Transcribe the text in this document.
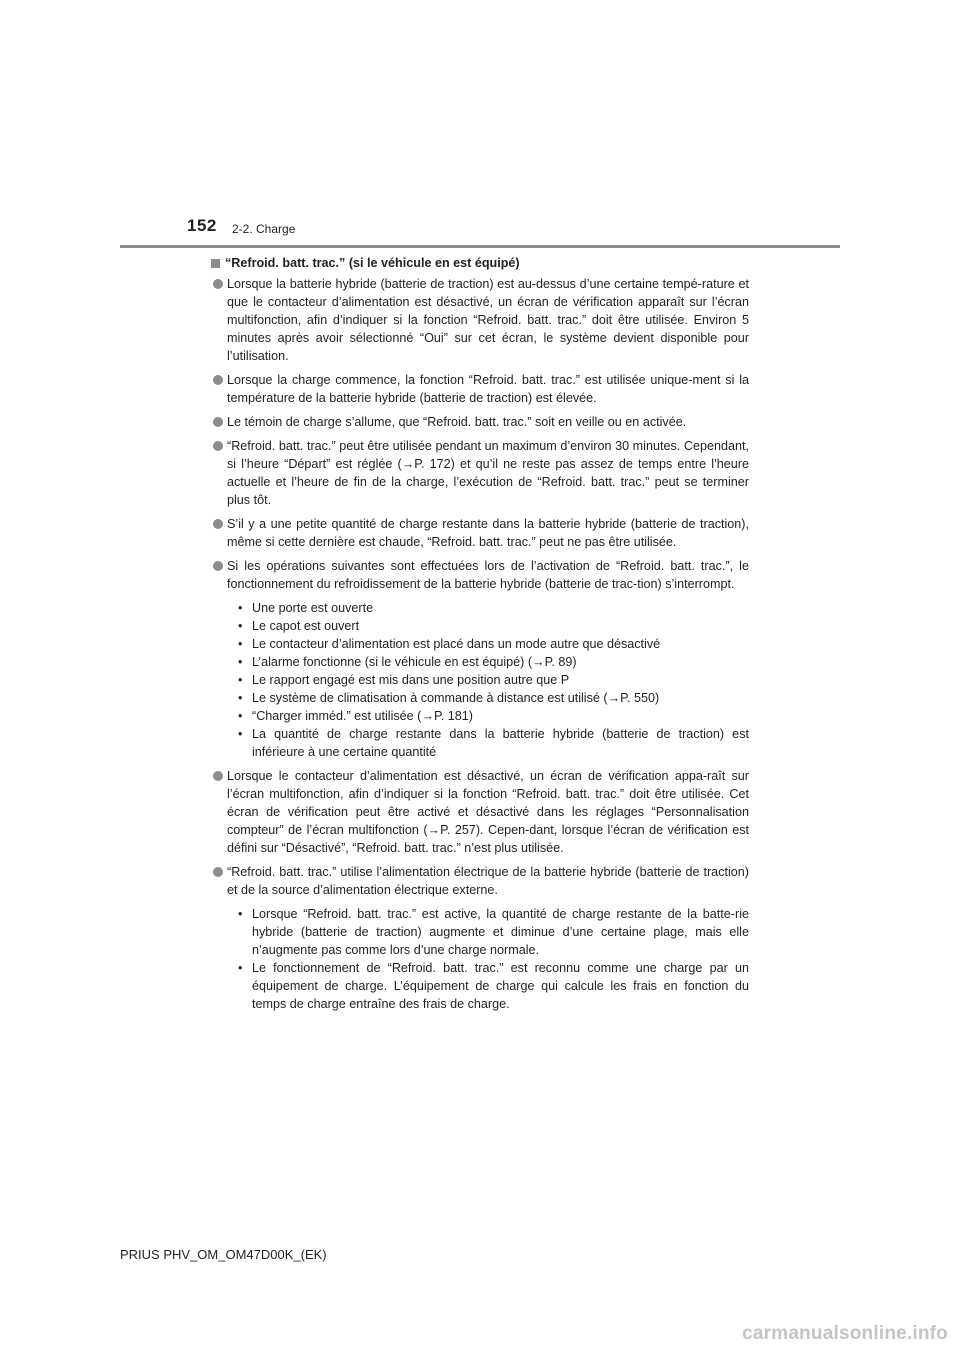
152 2-2. Charge
“Refroid. batt. trac.” (si le véhicule en est équipé)
Lorsque la batterie hybride (batterie de traction) est au-dessus d’une certaine tempé-rature et que le contacteur d’alimentation est désactivé, un écran de vérification apparaît sur l’écran multifonction, afin d’indiquer si la fonction “Refroid. batt. trac.” doit être utilisée. Environ 5 minutes après avoir sélectionné “Oui” sur cet écran, le système devient disponible pour l’utilisation.
Lorsque la charge commence, la fonction “Refroid. batt. trac.” est utilisée unique-ment si la température de la batterie hybride (batterie de traction) est élevée.
Le témoin de charge s’allume, que “Refroid. batt. trac.” soit en veille ou en activée.
“Refroid. batt. trac.” peut être utilisée pendant un maximum d’environ 30 minutes. Cependant, si l’heure “Départ” est réglée (→P. 172) et qu’il ne reste pas assez de temps entre l’heure actuelle et l’heure de fin de la charge, l’exécution de “Refroid. batt. trac.” peut se terminer plus tôt.
S’il y a une petite quantité de charge restante dans la batterie hybride (batterie de traction), même si cette dernière est chaude, “Refroid. batt. trac.” peut ne pas être utilisée.
Si les opérations suivantes sont effectuées lors de l’activation de “Refroid. batt. trac.”, le fonctionnement du refroidissement de la batterie hybride (batterie de trac-tion) s’interrompt.
• Une porte est ouverte
• Le capot est ouvert
• Le contacteur d’alimentation est placé dans un mode autre que désactivé
• L’alarme fonctionne (si le véhicule en est équipé) (→P. 89)
• Le rapport engagé est mis dans une position autre que P
• Le système de climatisation à commande à distance est utilisé (→P. 550)
• “Charger imméd.” est utilisée (→P. 181)
• La quantité de charge restante dans la batterie hybride (batterie de traction) est inférieure à une certaine quantité
Lorsque le contacteur d’alimentation est désactivé, un écran de vérification appa-raît sur l’écran multifonction, afin d’indiquer si la fonction “Refroid. batt. trac.” doit être utilisée. Cet écran de vérification peut être activé et désactivé dans les réglages “Personnalisation compteur” de l’écran multifonction (→P. 257). Cepen-dant, lorsque l’écran de vérification est défini sur “Désactivé”, “Refroid. batt. trac.” n’est plus utilisée.
“Refroid. batt. trac.” utilise l’alimentation électrique de la batterie hybride (batterie de traction) et de la source d’alimentation électrique externe.
• Lorsque “Refroid. batt. trac.” est active, la quantité de charge restante de la batte-rie hybride (batterie de traction) augmente et diminue d’une certaine plage, mais elle n’augmente pas comme lors d’une charge normale.
• Le fonctionnement de “Refroid. batt. trac.” est reconnu comme une charge par un équipement de charge. L’équipement de charge qui calcule les frais en fonction du temps de charge entraîne des frais de charge.
PRIUS PHV_OM_OM47D00K_(EK)
carmanualsonline.info
